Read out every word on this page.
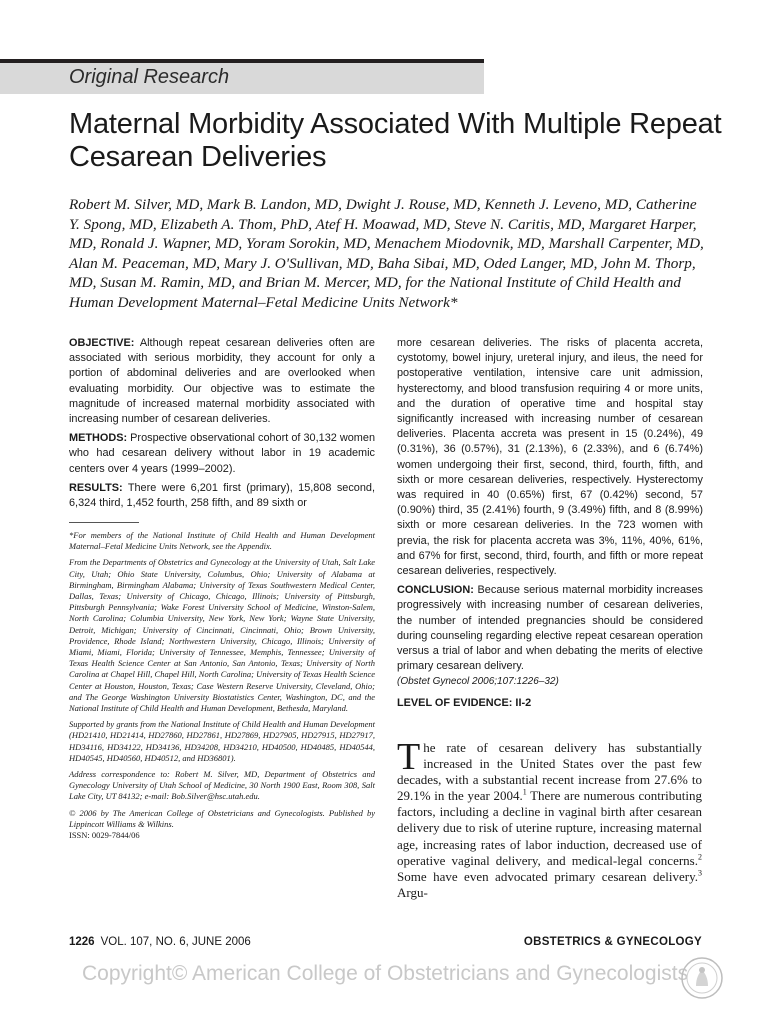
Original Research
Maternal Morbidity Associated With Multiple Repeat Cesarean Deliveries

Robert M. Silver, MD, Mark B. Landon, MD, Dwight J. Rouse, MD, Kenneth J. Leveno, MD, Catherine Y. Spong, MD, Elizabeth A. Thom, PhD, Atef H. Moawad, MD, Steve N. Caritis, MD, Margaret Harper, MD, Ronald J. Wapner, MD, Yoram Sorokin, MD, Menachem Miodovnik, MD, Marshall Carpenter, MD, Alan M. Peaceman, MD, Mary J. O'Sullivan, MD, Baha Sibai, MD, Oded Langer, MD, John M. Thorp, MD, Susan M. Ramin, MD, and Brian M. Mercer, MD, for the National Institute of Child Health and Human Development Maternal–Fetal Medicine Units Network*

OBJECTIVE: Although repeat cesarean deliveries often are associated with serious morbidity, they account for only a portion of abdominal deliveries and are overlooked when evaluating morbidity. Our objective was to estimate the magnitude of increased maternal morbidity associated with increasing number of cesarean deliveries.

METHODS: Prospective observational cohort of 30,132 women who had cesarean delivery without labor in 19 academic centers over 4 years (1999–2002).

RESULTS: There were 6,201 first (primary), 15,808 second, 6,324 third, 1,452 fourth, 258 fifth, and 89 sixth or

*For members of the National Institute of Child Health and Human Development Maternal–Fetal Medicine Units Network, see the Appendix.

From the Departments of Obstetrics and Gynecology at the University of Utah, Salt Lake City, Utah; Ohio State University, Columbus, Ohio; University of Alabama at Birmingham, Birmingham Alabama; University of Texas Southwestern Medical Center, Dallas, Texas; University of Chicago, Chicago, Illinois; University of Pittsburgh, Pittsburgh Pennsylvania; Wake Forest University School of Medicine, Winston-Salem, North Carolina; Columbia University, New York, New York; Wayne State University, Detroit, Michigan; University of Cincinnati, Cincinnati, Ohio; Brown University, Providence, Rhode Island; Northwestern University, Chicago, Illinois; University of Miami, Miami, Florida; University of Tennessee, Memphis, Tennessee; University of Texas Health Science Center at San Antonio, San Antonio, Texas; University of North Carolina at Chapel Hill, Chapel Hill, North Carolina; University of Texas Health Science Center at Houston, Houston, Texas; Case Western Reserve University, Cleveland, Ohio; and The George Washington University Biostatistics Center, Washington, DC, and the National Institute of Child Health and Human Development, Bethesda, Maryland.

Supported by grants from the National Institute of Child Health and Human Development (HD21410, HD21414, HD27860, HD27861, HD27869, HD27905, HD27915, HD27917, HD34116, HD34122, HD34136, HD34208, HD34210, HD40500, HD40485, HD40544, HD40545, HD40560, HD40512, and HD36801).

Address correspondence to: Robert M. Silver, MD, Department of Obstetrics and Gynecology University of Utah School of Medicine, 30 North 1900 East, Room 308, Salt Lake City, UT 84132; e-mail: Bob.Silver@hsc.utah.edu.

© 2006 by The American College of Obstetricians and Gynecologists. Published by Lippincott Williams & Wilkins.

ISSN: 0029-7844/06

more cesarean deliveries. The risks of placenta accreta, cystotomy, bowel injury, ureteral injury, and ileus, the need for postoperative ventilation, intensive care unit admission, hysterectomy, and blood transfusion requiring 4 or more units, and the duration of operative time and hospital stay significantly increased with increasing number of cesarean deliveries. Placenta accreta was present in 15 (0.24%), 49 (0.31%), 36 (0.57%), 31 (2.13%), 6 (2.33%), and 6 (6.74%) women undergoing their first, second, third, fourth, fifth, and sixth or more cesarean deliveries, respectively. Hysterectomy was required in 40 (0.65%) first, 67 (0.42%) second, 57 (0.90%) third, 35 (2.41%) fourth, 9 (3.49%) fifth, and 8 (8.99%) sixth or more cesarean deliveries. In the 723 women with previa, the risk for placenta accreta was 3%, 11%, 40%, 61%, and 67% for first, second, third, fourth, and fifth or more repeat cesarean deliveries, respectively.

CONCLUSION: Because serious maternal morbidity increases progressively with increasing number of cesarean deliveries, the number of intended pregnancies should be considered during counseling regarding elective repeat cesarean operation versus a trial of labor and when debating the merits of elective primary cesarean delivery.
(Obstet Gynecol 2006;107:1226–32)

LEVEL OF EVIDENCE: II-2

The rate of cesarean delivery has substantially increased in the United States over the past few decades, with a substantial recent increase from 27.6% to 29.1% in the year 2004.$^1$ There are numerous contributing factors, including a decline in vaginal birth after cesarean delivery due to risk of uterine rupture, increasing maternal age, increasing rates of labor induction, decreased use of operative vaginal delivery, and medical-legal concerns.$^2$ Some have even advocated primary cesarean delivery.$^3$ Argu-

1226 VOL. 107, NO. 6, JUNE 2006	OBSTETRICS & GYNECOLOGY
Copyright© American College of Obstetricians and Gynecologists
